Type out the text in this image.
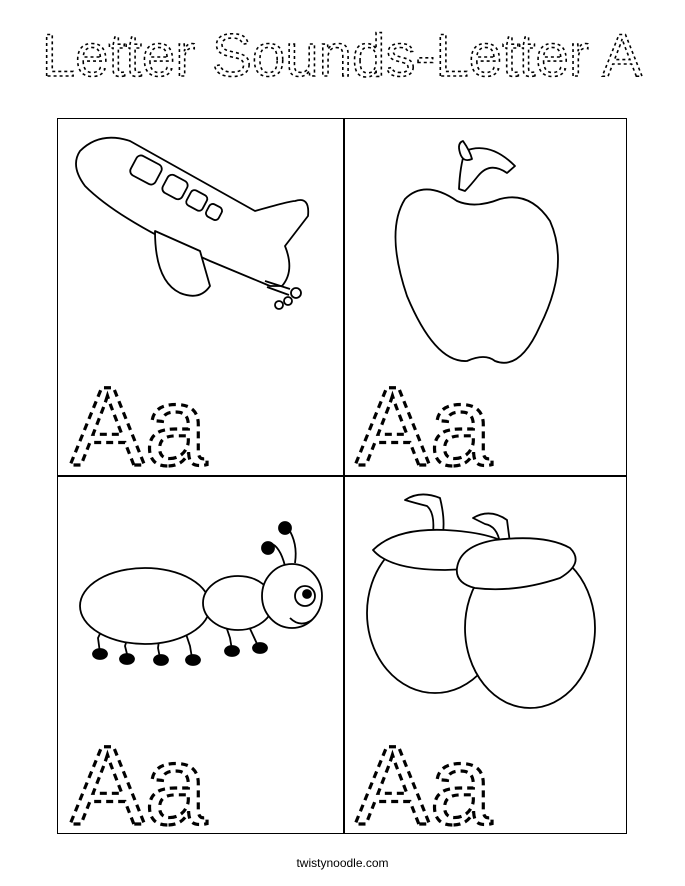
Letter Sounds-Letter A
Aa Aa
Aa Aa
twistynoodle.com
